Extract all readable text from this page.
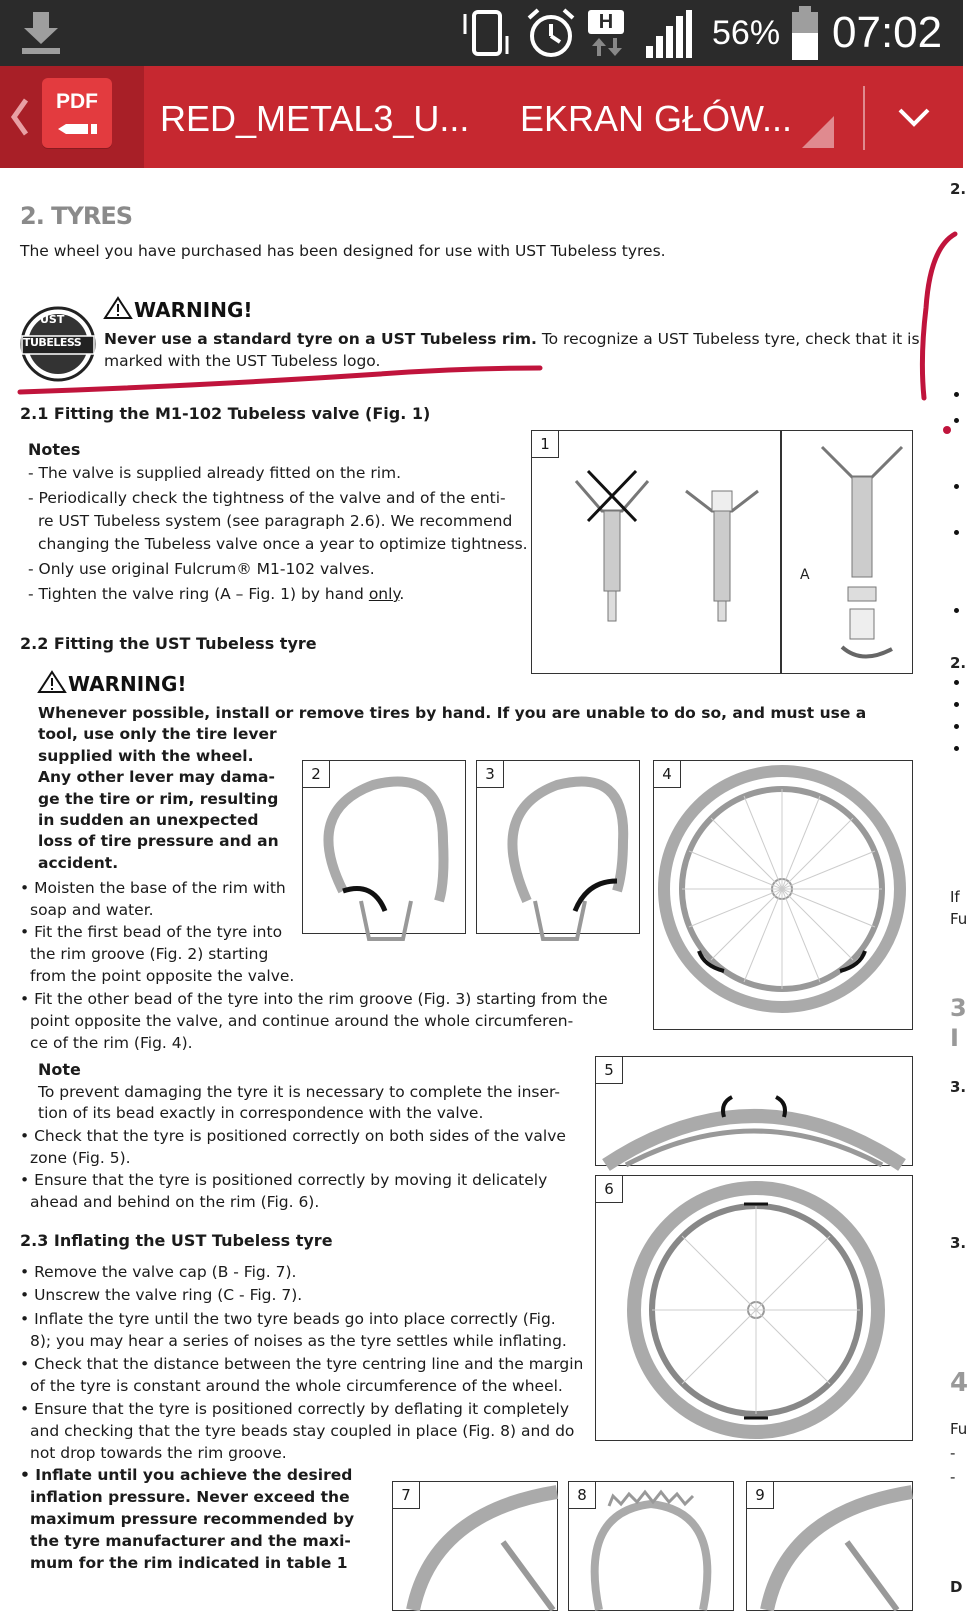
H	56% 07:02
PDF	RED_METAL3_U... EKRAN GŁÓW...
2. TYRES
The wheel you have purchased has been designed for use with UST Tubeless tyres.
UST
TUBELESS
WARNING!
Never use a standard tyre on a UST Tubeless rim. To recognize a UST Tubeless tyre, check that it is
marked with the UST Tubeless logo.
2.1 Fitting the M1-102 Tubeless valve (Fig. 1)
Notes
- The valve is supplied already fitted on the rim.
- Periodically check the tightness of the valve and of the enti-
re UST Tubeless system (see paragraph 2.6). We recommend
changing the Tubeless valve once a year to optimize tightness.
- Only use original Fulcrum® M1-102 valves.
- Tighten the valve ring (A – Fig. 1) by hand only.
1
A
2.2 Fitting the UST Tubeless tyre
WARNING!
Whenever possible, install or remove tires by hand. If you are unable to do so, and must use a
tool, use only the tire lever
supplied with the wheel.
Any other lever may dama-
ge the tire or rim, resulting
in sudden an unexpected
loss of tire pressure and an
accident.
• Moisten the base of the rim with
soap and water.
• Fit the first bead of the tyre into
the rim groove (Fig. 2) starting
from the point opposite the valve.
• Fit the other bead of the tyre into the rim groove (Fig. 3) starting from the
point opposite the valve, and continue around the whole circumferen-
ce of the rim (Fig. 4).
2	3	4
Note
To prevent damaging the tyre it is necessary to complete the inser-
tion of its bead exactly in correspondence with the valve.
• Check that the tyre is positioned correctly on both sides of the valve
zone (Fig. 5).
• Ensure that the tyre is positioned correctly by moving it delicately
ahead and behind on the rim (Fig. 6).
5
6
2.3 Inflating the UST Tubeless tyre
• Remove the valve cap (B - Fig. 7).
• Unscrew the valve ring (C - Fig. 7).
• Inflate the tyre until the two tyre beads go into place correctly (Fig.
8); you may hear a series of noises as the tyre settles while inflating.
• Check that the distance between the tyre centring line and the margin
of the tyre is constant around the whole circumference of the wheel.
• Ensure that the tyre is positioned correctly by deflating it completely
and checking that the tyre beads stay coupled in place (Fig. 8) and do
not drop towards the rim groove.
• Inflate until you achieve the desired
inflation pressure. Never exceed the
maximum pressure recommended by
the tyre manufacturer and the maxi-
mum for the rim indicated in table 1
7	8	9
2.
2.
If
Fu
3
I
3.
3.
4
Fu
-
-
D
